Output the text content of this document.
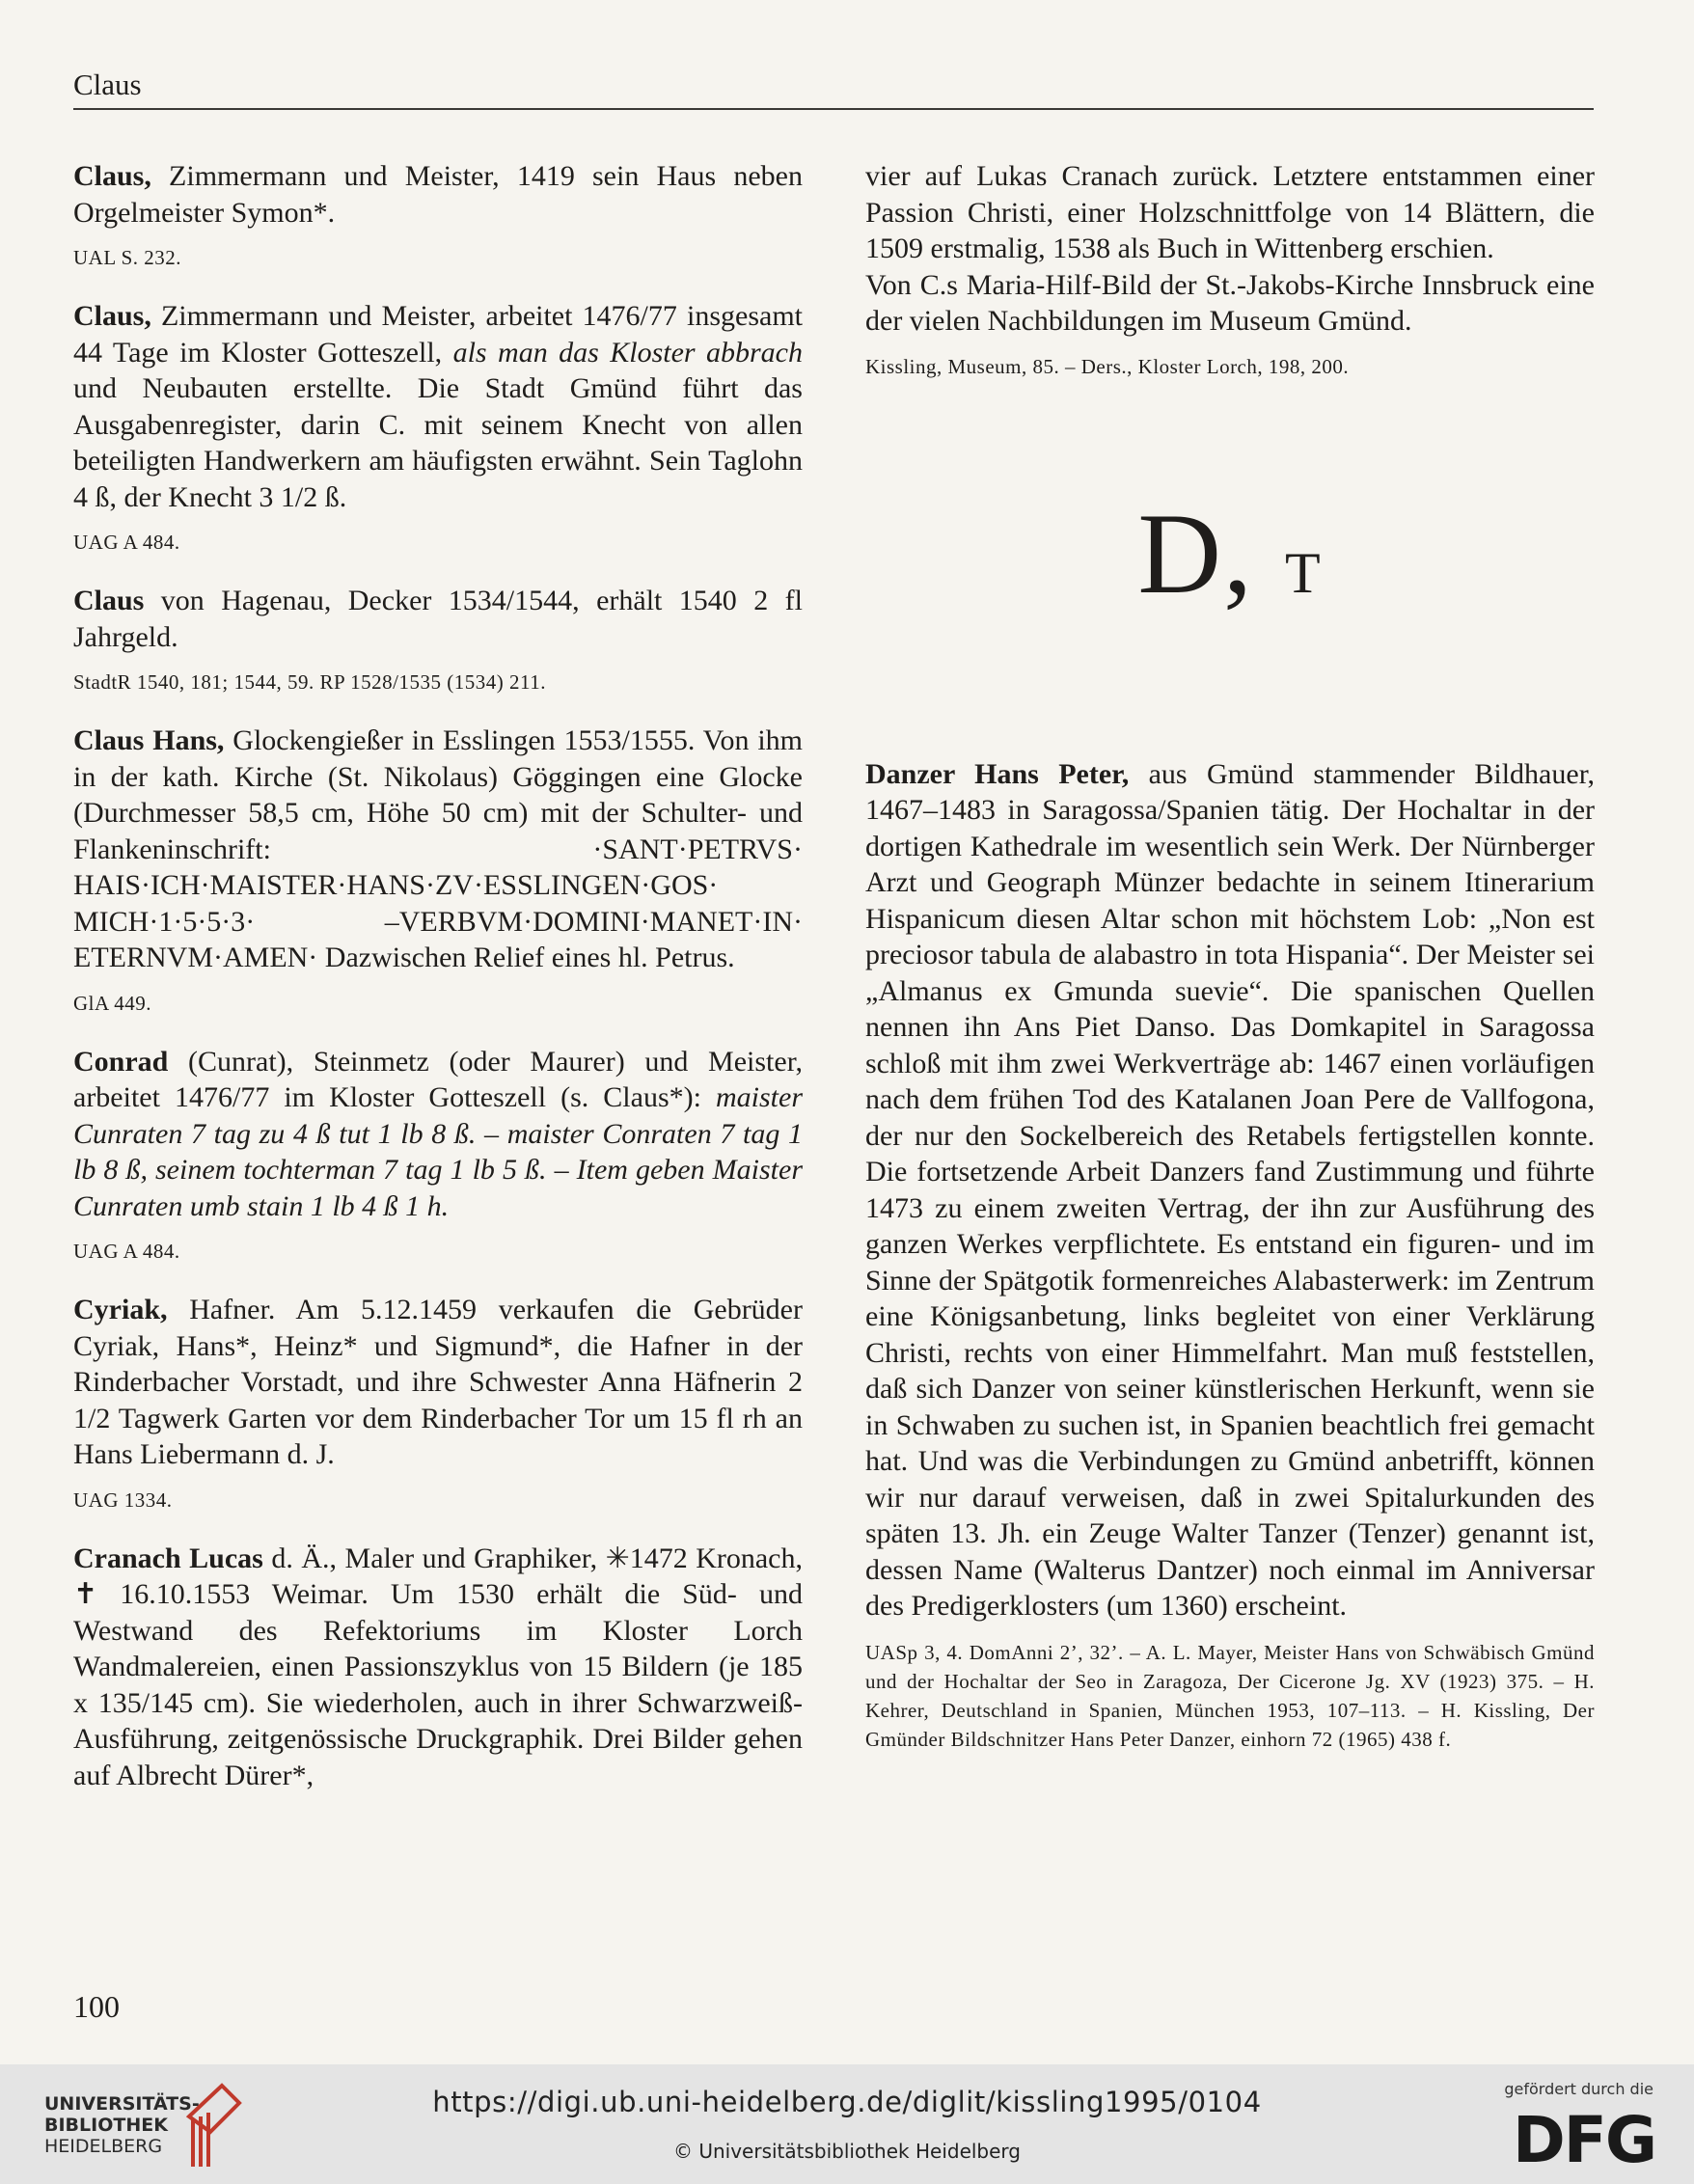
Claus

Claus, Zimmermann und Meister, 1419 sein Haus neben Orgelmeister Symon*.

UAL S. 232.

Claus, Zimmermann und Meister, arbeitet 1476/77 insgesamt 44 Tage im Kloster Gotteszell, als man das Kloster abbrach und Neubauten erstellte. Die Stadt Gmünd führt das Ausgabenregister, darin C. mit seinem Knecht von allen beteiligten Handwerkern am häufigsten erwähnt. Sein Taglohn 4 ß, der Knecht 3 1/2 ß.

UAG A 484.

Claus von Hagenau, Decker 1534/1544, erhält 1540 2 fl Jahrgeld.

StadtR 1540, 181; 1544, 59. RP 1528/1535 (1534) 211.

Claus Hans, Glockengießer in Esslingen 1553/1555. Von ihm in der kath. Kirche (St. Nikolaus) Göggingen eine Glocke (Durchmesser 58,5 cm, Höhe 50 cm) mit der Schulter- und Flankeninschrift: ·SANT·PETRVS· HAIS·ICH·MAISTER·HANS·ZV·ESSLINGEN·GOS· MICH·1·5·5·3· –VERBVM·DOMINI·MANET·IN· ETERNVM·AMEN· Dazwischen Relief eines hl. Petrus.

GlA 449.

Conrad (Cunrat), Steinmetz (oder Maurer) und Meister, arbeitet 1476/77 im Kloster Gotteszell (s. Claus*): maister Cunraten 7 tag zu 4 ß tut 1 lb 8 ß. – maister Conraten 7 tag 1 lb 8 ß, seinem tochterman 7 tag 1 lb 5 ß. – Item geben Maister Cunraten umb stain 1 lb 4 ß 1 h.

UAG A 484.

Cyriak, Hafner. Am 5.12.1459 verkaufen die Gebrüder Cyriak, Hans*, Heinz* und Sigmund*, die Hafner in der Rinderbacher Vorstadt, und ihre Schwester Anna Häfnerin 2 1/2 Tagwerk Garten vor dem Rinderbacher Tor um 15 fl rh an Hans Liebermann d. J.

UAG 1334.

Cranach Lucas d. Ä., Maler und Graphiker, ✳1472 Kronach, ✝ 16.10.1553 Weimar. Um 1530 erhält die Süd- und Westwand des Refektoriums im Kloster Lorch Wandmalereien, einen Passionszyklus von 15 Bildern (je 185 x 135/145 cm). Sie wiederholen, auch in ihrer Schwarzweiß-Ausführung, zeitgenössische Druckgraphik. Drei Bilder gehen auf Albrecht Dürer*,

vier auf Lukas Cranach zurück. Letztere entstammen einer Passion Christi, einer Holzschnittfolge von 14 Blättern, die 1509 erstmalig, 1538 als Buch in Wittenberg erschien.

Von C.s Maria-Hilf-Bild der St.-Jakobs-Kirche Innsbruck eine der vielen Nachbildungen im Museum Gmünd.

Kissling, Museum, 85. – Ders., Kloster Lorch, 198, 200.

D, T

Danzer Hans Peter, aus Gmünd stammender Bildhauer, 1467–1483 in Saragossa/Spanien tätig. Der Hochaltar in der dortigen Kathedrale im wesentlich sein Werk. Der Nürnberger Arzt und Geograph Münzer bedachte in seinem Itinerarium Hispanicum diesen Altar schon mit höchstem Lob: „Non est preciosor tabula de alabastro in tota Hispania“. Der Meister sei „Almanus ex Gmunda suevie“. Die spanischen Quellen nennen ihn Ans Piet Danso. Das Domkapitel in Saragossa schloß mit ihm zwei Werkverträge ab: 1467 einen vorläufigen nach dem frühen Tod des Katalanen Joan Pere de Vallfogona, der nur den Sockelbereich des Retabels fertigstellen konnte. Die fortsetzende Arbeit Danzers fand Zustimmung und führte 1473 zu einem zweiten Vertrag, der ihn zur Ausführung des ganzen Werkes verpflichtete. Es entstand ein figuren- und im Sinne der Spätgotik formenreiches Alabasterwerk: im Zentrum eine Königsanbetung, links begleitet von einer Verklärung Christi, rechts von einer Himmelfahrt. Man muß feststellen, daß sich Danzer von seiner künstlerischen Herkunft, wenn sie in Schwaben zu suchen ist, in Spanien beachtlich frei gemacht hat. Und was die Verbindungen zu Gmünd anbetrifft, können wir nur darauf verweisen, daß in zwei Spitalurkunden des späten 13. Jh. ein Zeuge Walter Tanzer (Tenzer) genannt ist, dessen Name (Walterus Dantzer) noch einmal im Anniversar des Predigerklosters (um 1360) erscheint.

UASp 3, 4. DomAnni 2’, 32’. – A. L. Mayer, Meister Hans von Schwäbisch Gmünd und der Hochaltar der Seo in Zaragoza, Der Cicerone Jg. XV (1923) 375. – H. Kehrer, Deutschland in Spanien, München 1953, 107–113. – H. Kissling, Der Gmünder Bildschnitzer Hans Peter Danzer, einhorn 72 (1965) 438 f.

100
UNIVERSITÄTS-
BIBLIOTHEK
HEIDELBERG
https://digi.ub.uni-heidelberg.de/diglit/kissling1995/0104
© Universitätsbibliothek Heidelberg
gefördert durch die
DFG
